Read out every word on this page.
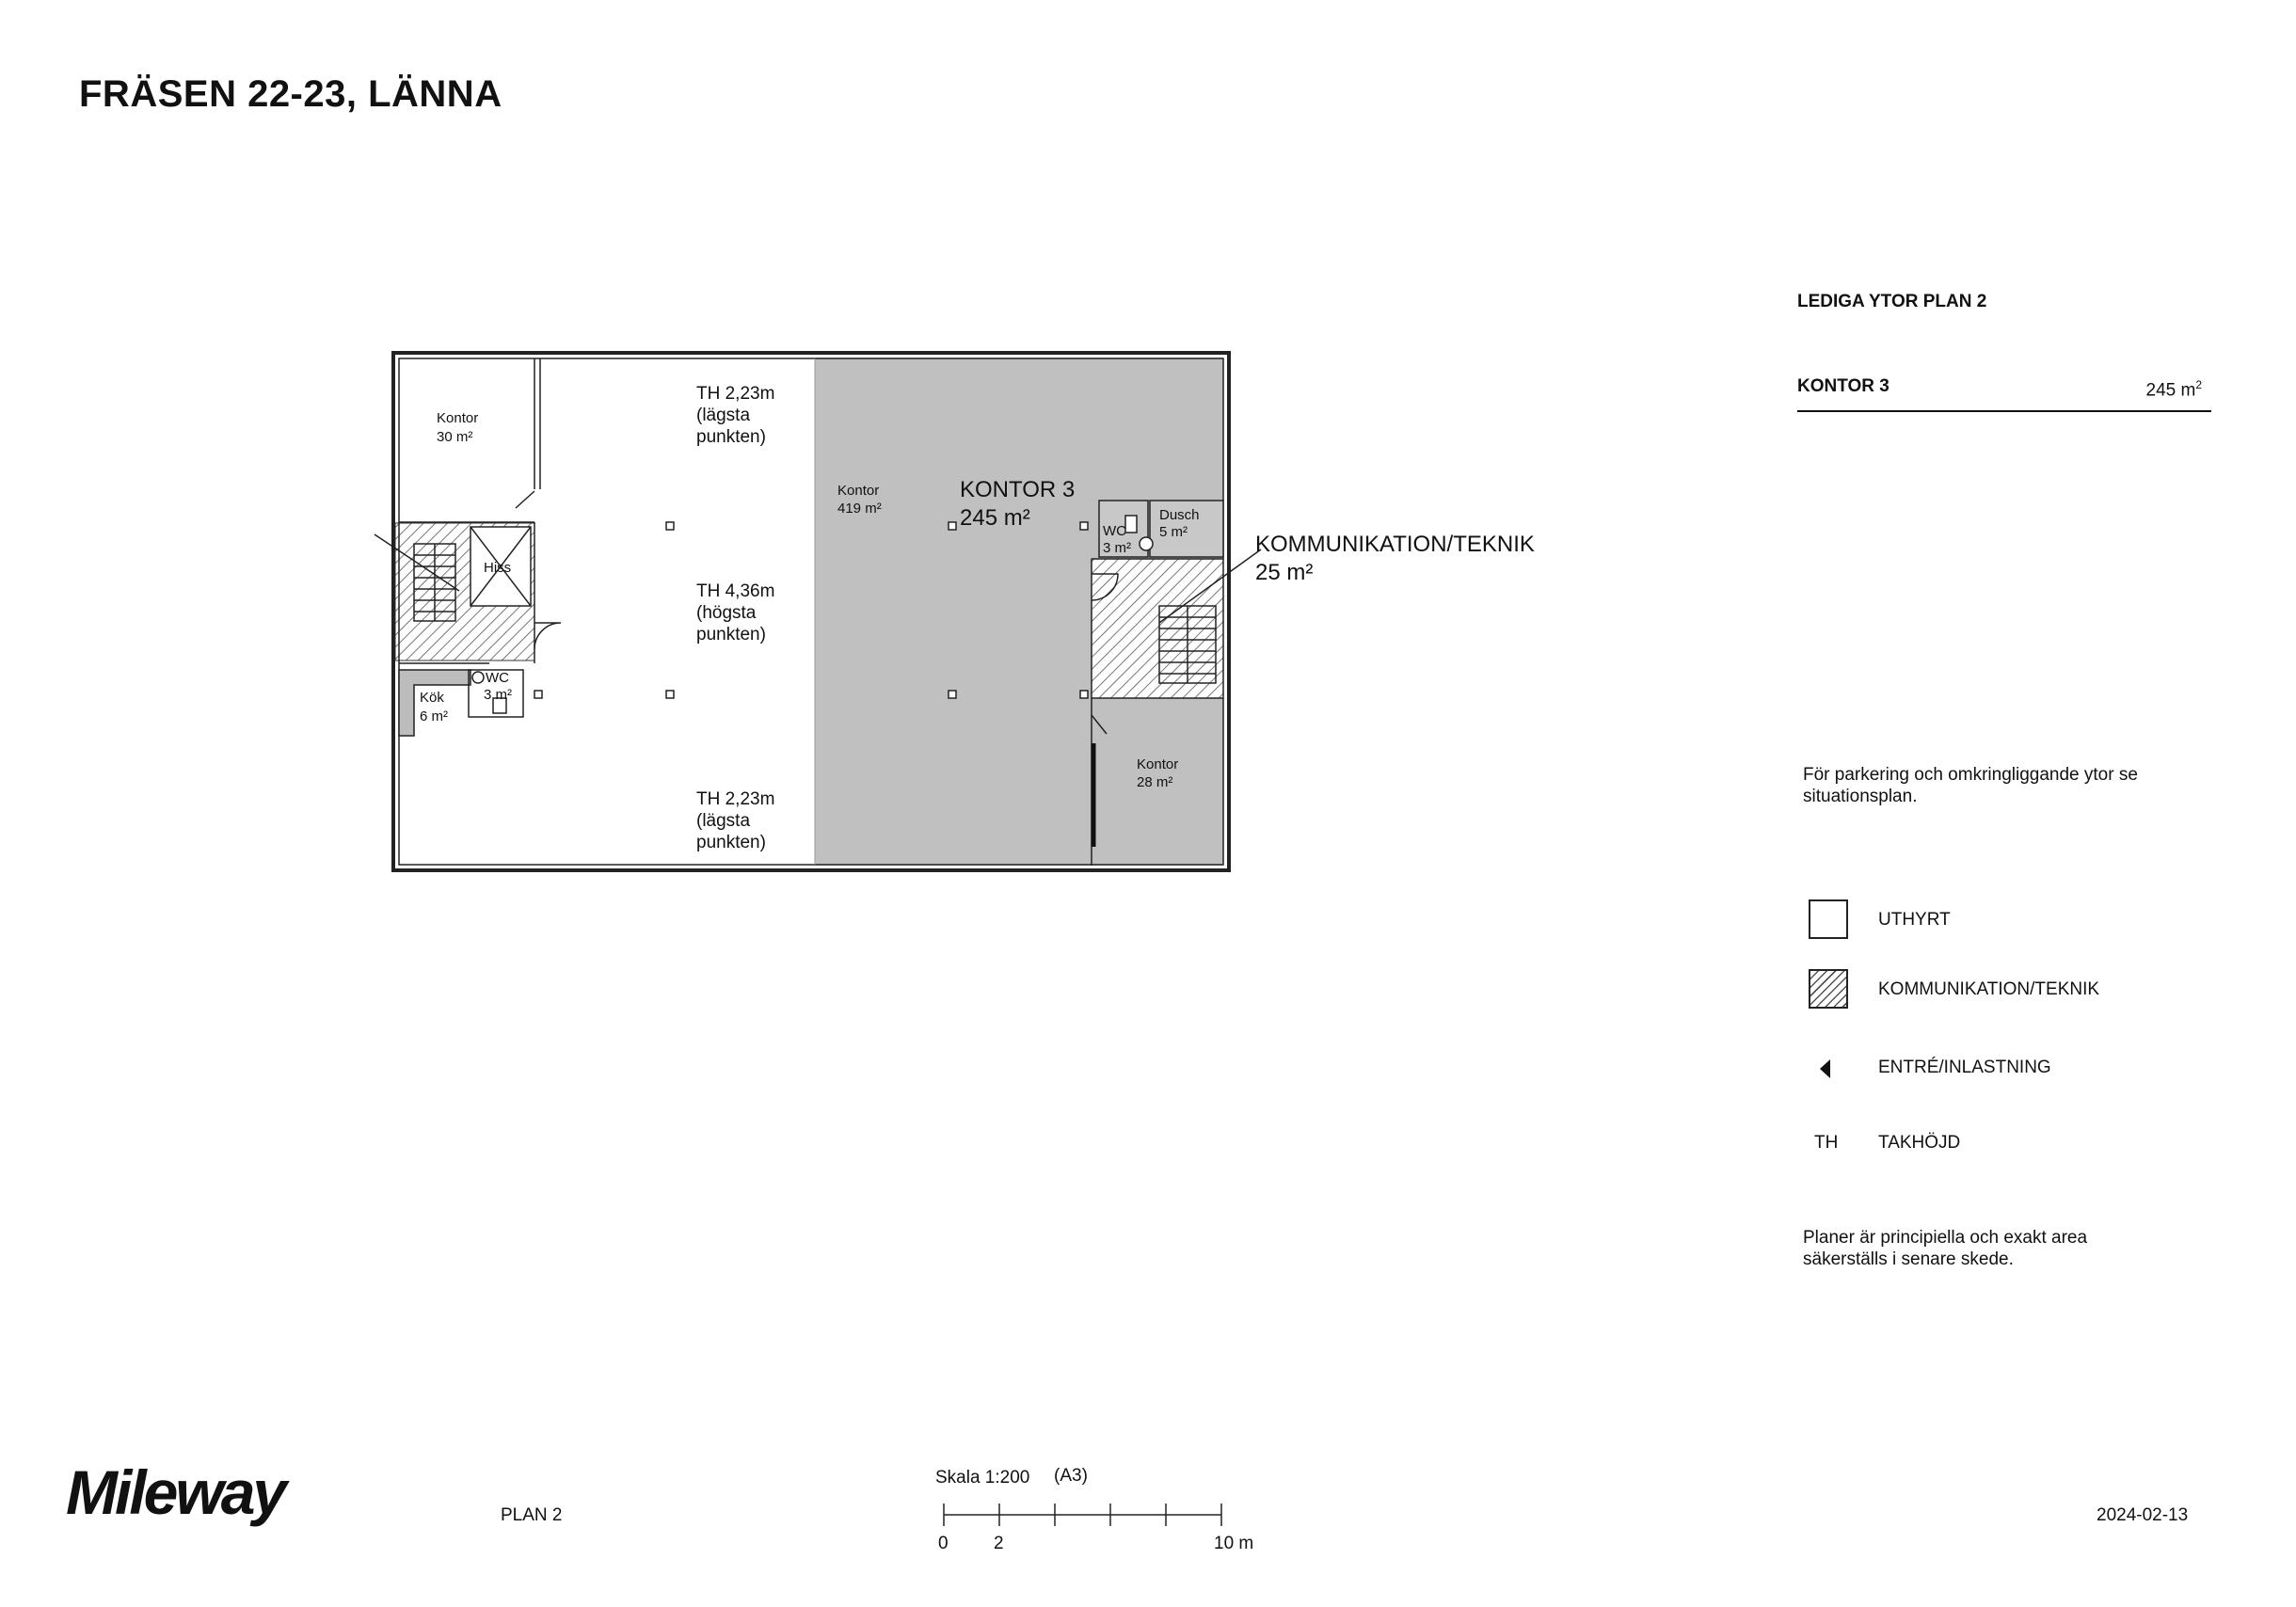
FRÄSEN 22-23, LÄNNA
Kontor
30 m²
Hiss
Kök
6 m²
WC
3 m²
TH 2,23m
(lägsta
punkten)
TH 4,36m
(högsta
punkten)
TH 2,23m
(lägsta
punkten)
Kontor
419 m²
KONTOR 3
245 m²
WC
3 m²
Dusch
5 m²	KOMMUNIKATION/TEKNIK
25 m²
Kontor
28 m²
Skala 1:200 (A3)
0	2	10 m
LEDIGA YTOR PLAN 2
KONTOR 3	245 $m^2$
För parkering och omkringliggande ytor se
situationsplan.
UTHYRT
KOMMUNIKATION/TEKNIK
ENTRÉ/INLASTNING
TH TAKHÖJD
Planer är principiella och exakt area
säkerställs i senare skede.
Mileway	PLAN 2	2024-02-13
